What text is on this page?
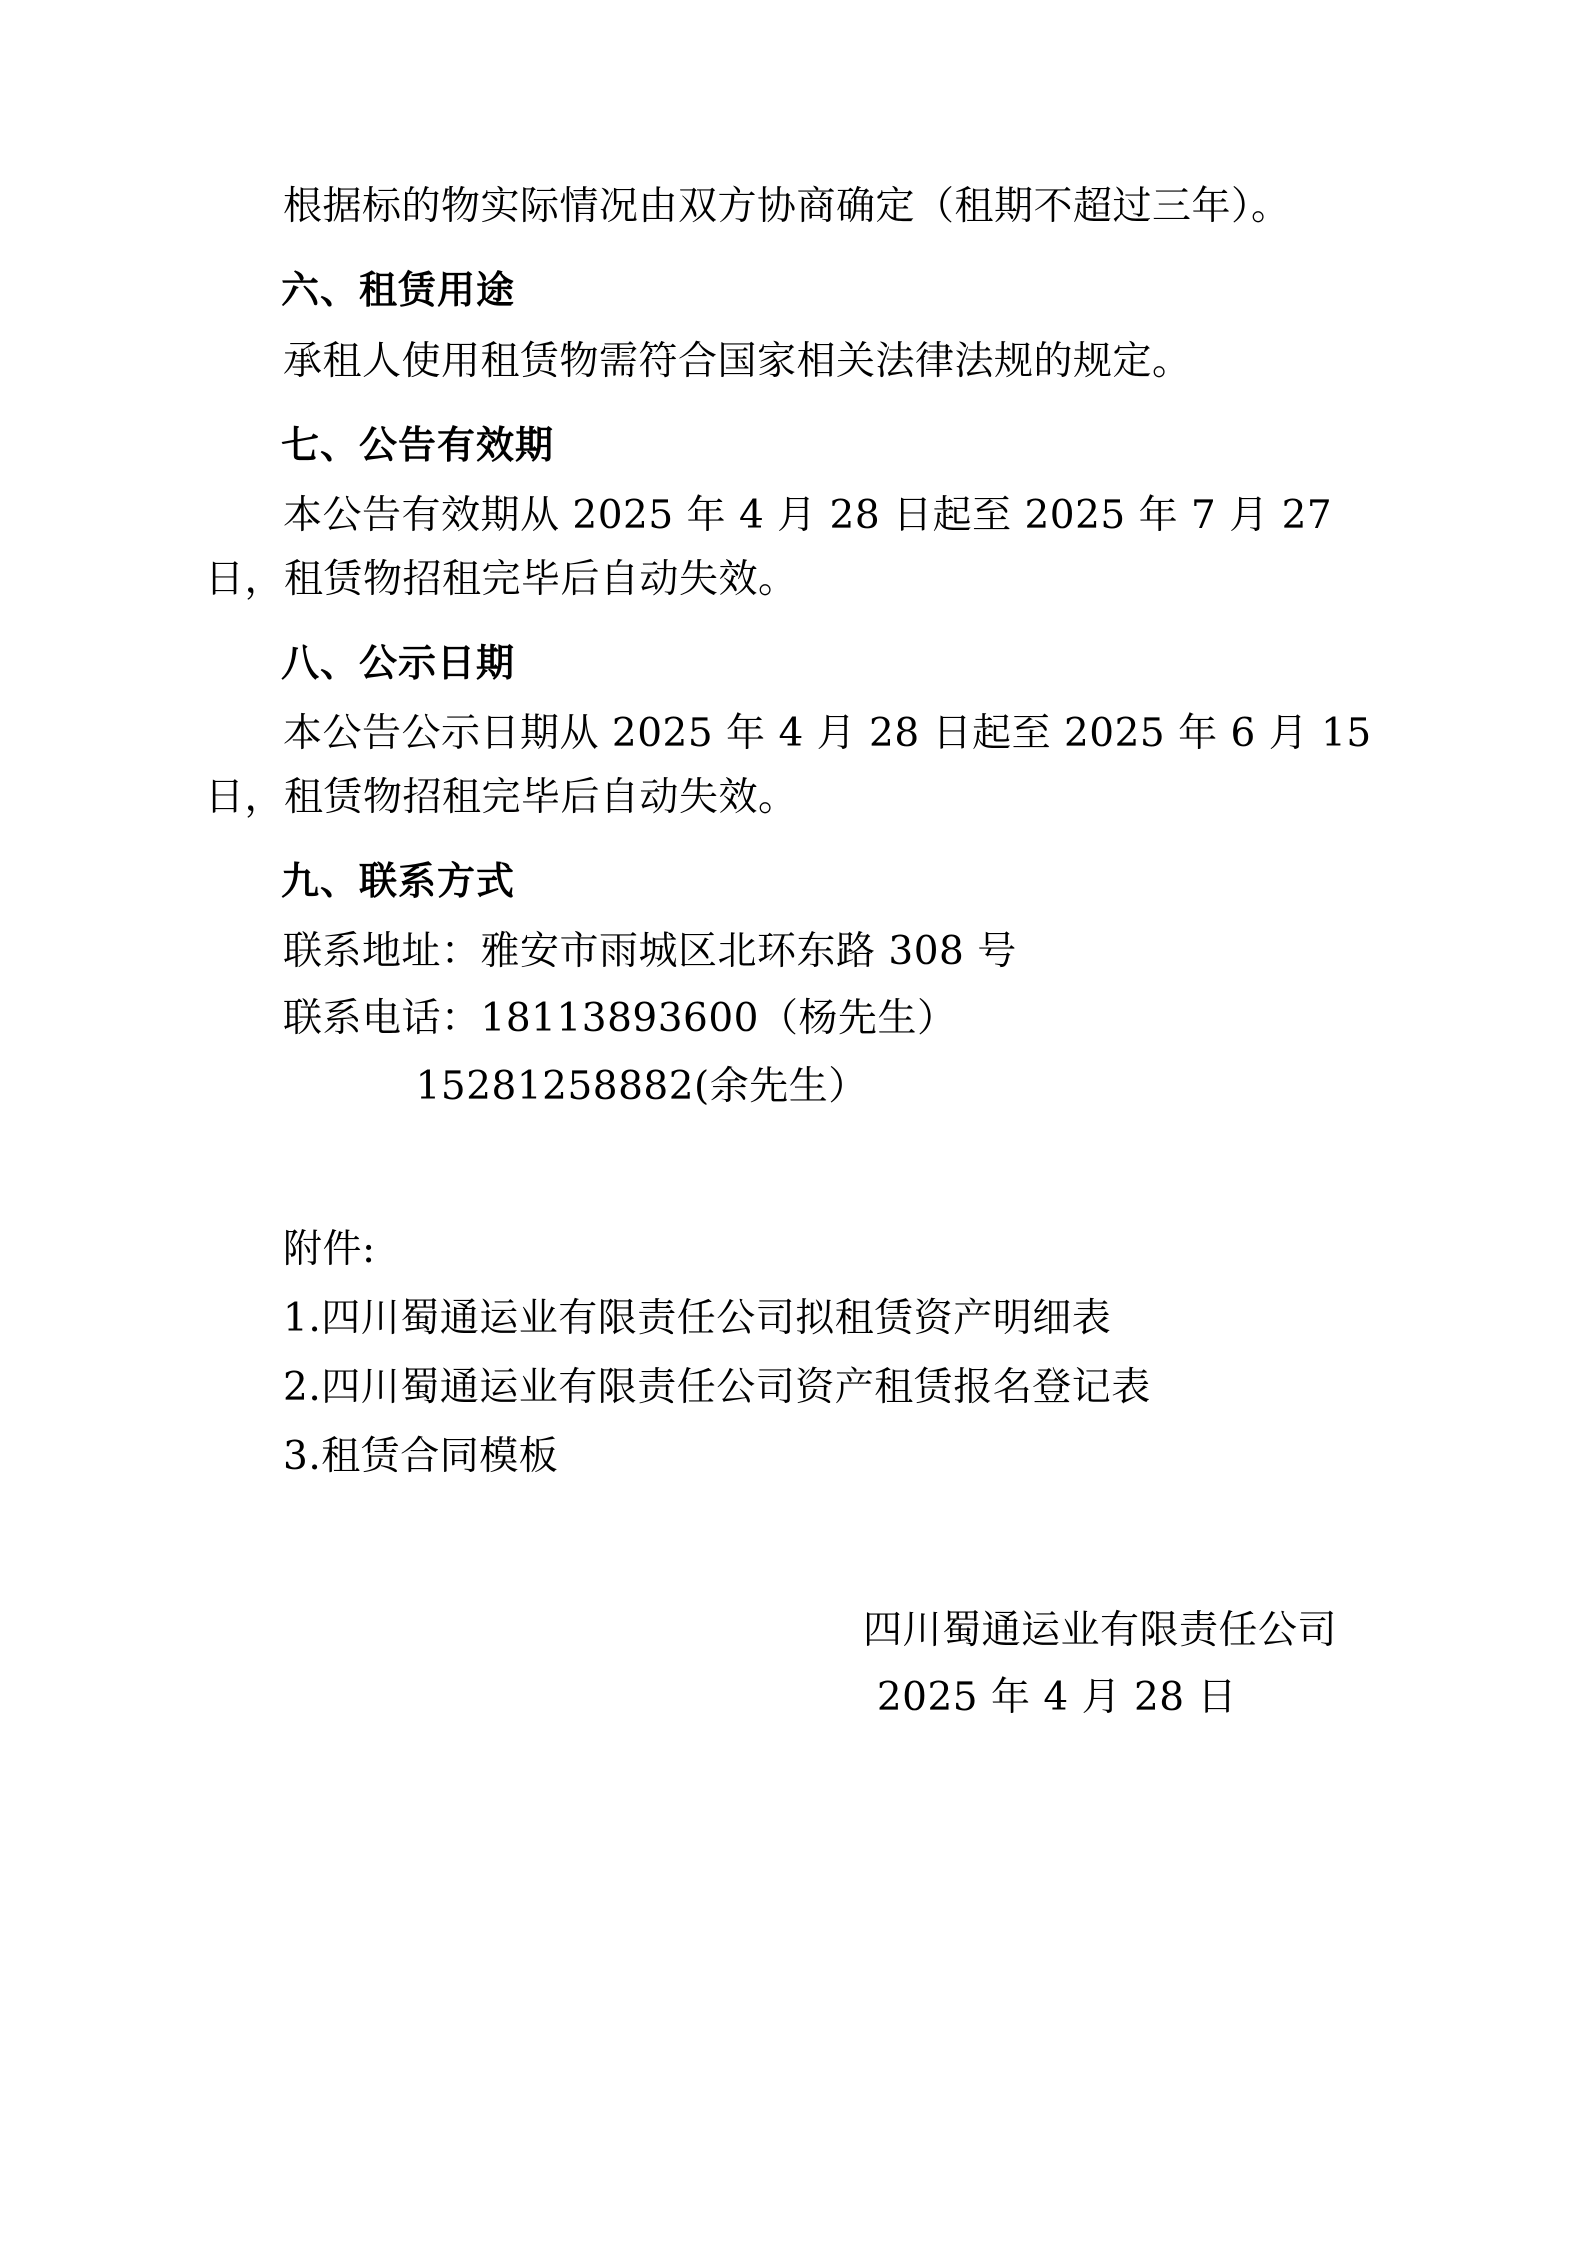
根据标的物实际情况由双方协商确定（租期不超过三年）。

六、租赁用途

承租人使用租赁物需符合国家相关法律法规的规定。

七、公告有效期

本公告有效期从 2025 年 4 月 28 日起至 2025 年 7 月 27 日，租赁物招租完毕后自动失效。

八、公示日期

本公告公示日期从 2025 年 4 月 28 日起至 2025 年 6 月 15 日，租赁物招租完毕后自动失效。

九、联系方式

联系地址：雅安市雨城区北环东路 308 号

联系电话：18113893600（杨先生）

15281258882(余先生）

附件:

1.四川蜀通运业有限责任公司拟租赁资产明细表

2.四川蜀通运业有限责任公司资产租赁报名登记表

3.租赁合同模板

四川蜀通运业有限责任公司
2025 年 4 月 28 日
